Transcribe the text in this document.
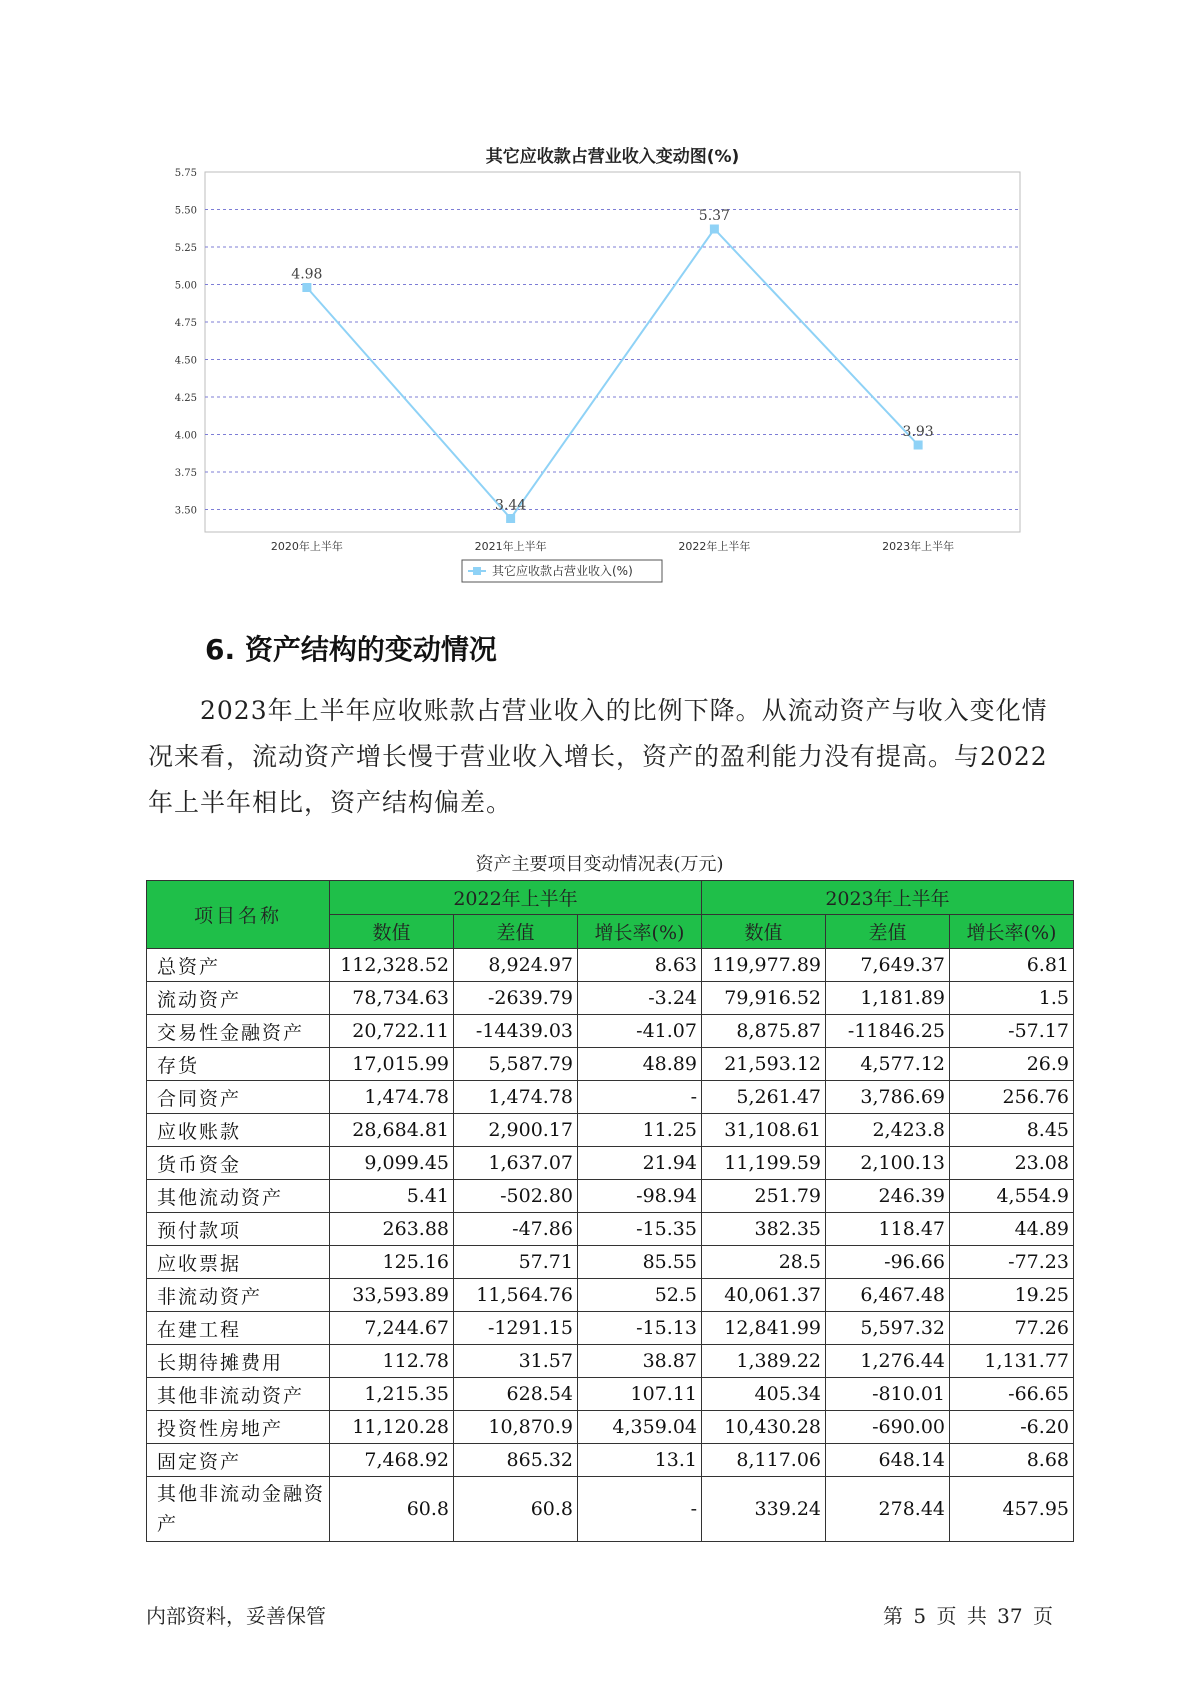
其它应收款占营业收入变动图(%)
5.75
5.50
5.25
5.00
4.75
4.50
4.25
4.00
3.75
3.50
2020年上半年	2021年上半年	2022年上半年	2023年上半年
4.98
3.44
5.37
3.93
其它应收款占营业收入(%)
6. 资产结构的变动情况

2023年上半年应收账款占营业收入的比例下降。从流动资产与收入变化情况来看，流动资产增长慢于营业收入增长，资产的盈利能力没有提高。与2022年上半年相比，资产结构偏差。

资产主要项目变动情况表(万元)
项目名称	2022年上半年			2023年上半年		
	数值	差值	增长率(%)	数值	差值	增长率(%)
总资产	112,328.52	8,924.97	8.63	119,977.89	7,649.37	6.81
流动资产	78,734.63	-2639.79	-3.24	79,916.52	1,181.89	1.5
交易性金融资产	20,722.11	-14439.03	-41.07	8,875.87	-11846.25	-57.17
存货	17,015.99	5,587.79	48.89	21,593.12	4,577.12	26.9
合同资产	1,474.78	1,474.78	-	5,261.47	3,786.69	256.76
应收账款	28,684.81	2,900.17	11.25	31,108.61	2,423.8	8.45
货币资金	9,099.45	1,637.07	21.94	11,199.59	2,100.13	23.08
其他流动资产	5.41	-502.80	-98.94	251.79	246.39	4,554.9
预付款项	263.88	-47.86	-15.35	382.35	118.47	44.89
应收票据	125.16	57.71	85.55	28.5	-96.66	-77.23
非流动资产	33,593.89	11,564.76	52.5	40,061.37	6,467.48	19.25
在建工程	7,244.67	-1291.15	-15.13	12,841.99	5,597.32	77.26
长期待摊费用	112.78	31.57	38.87	1,389.22	1,276.44	1,131.77
其他非流动资产	1,215.35	628.54	107.11	405.34	-810.01	-66.65
投资性房地产	11,120.28	10,870.9	4,359.04	10,430.28	-690.00	-6.20
固定资产	7,468.92	865.32	13.1	8,117.06	648.14	8.68
其他非流动金融资产	60.8	60.8	-	339.24	278.44	457.95
内部资料，妥善保管	第 5 页 共 37 页
